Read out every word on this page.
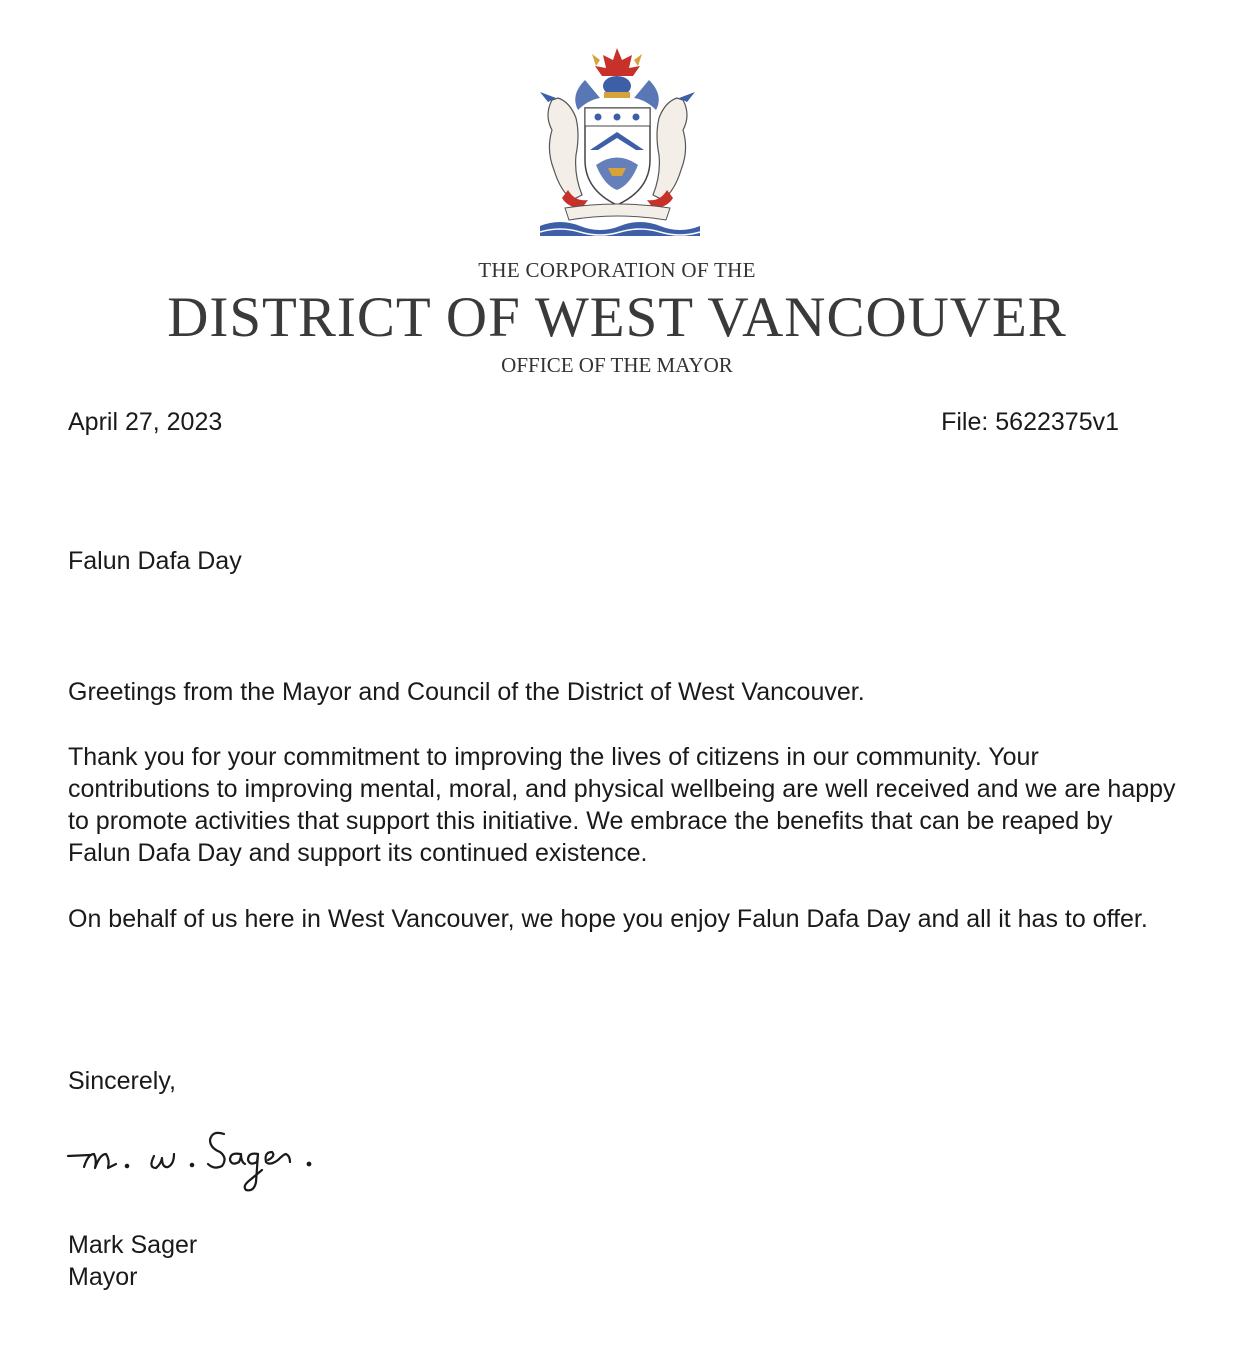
THE CORPORATION OF THE
DISTRICT OF WEST VANCOUVER
OFFICE OF THE MAYOR

April 27, 2023	File: 5622375v1

Falun Dafa Day

Greetings from the Mayor and Council of the District of West Vancouver.

Thank you for your commitment to improving the lives of citizens in our community. Your contributions to improving mental, moral, and physical wellbeing are well received and we are happy to promote activities that support this initiative. We embrace the benefits that can be reaped by Falun Dafa Day and support its continued existence.

On behalf of us here in West Vancouver, we hope you enjoy Falun Dafa Day and all it has to offer.

Sincerely,

Mark Sager

Mayor
